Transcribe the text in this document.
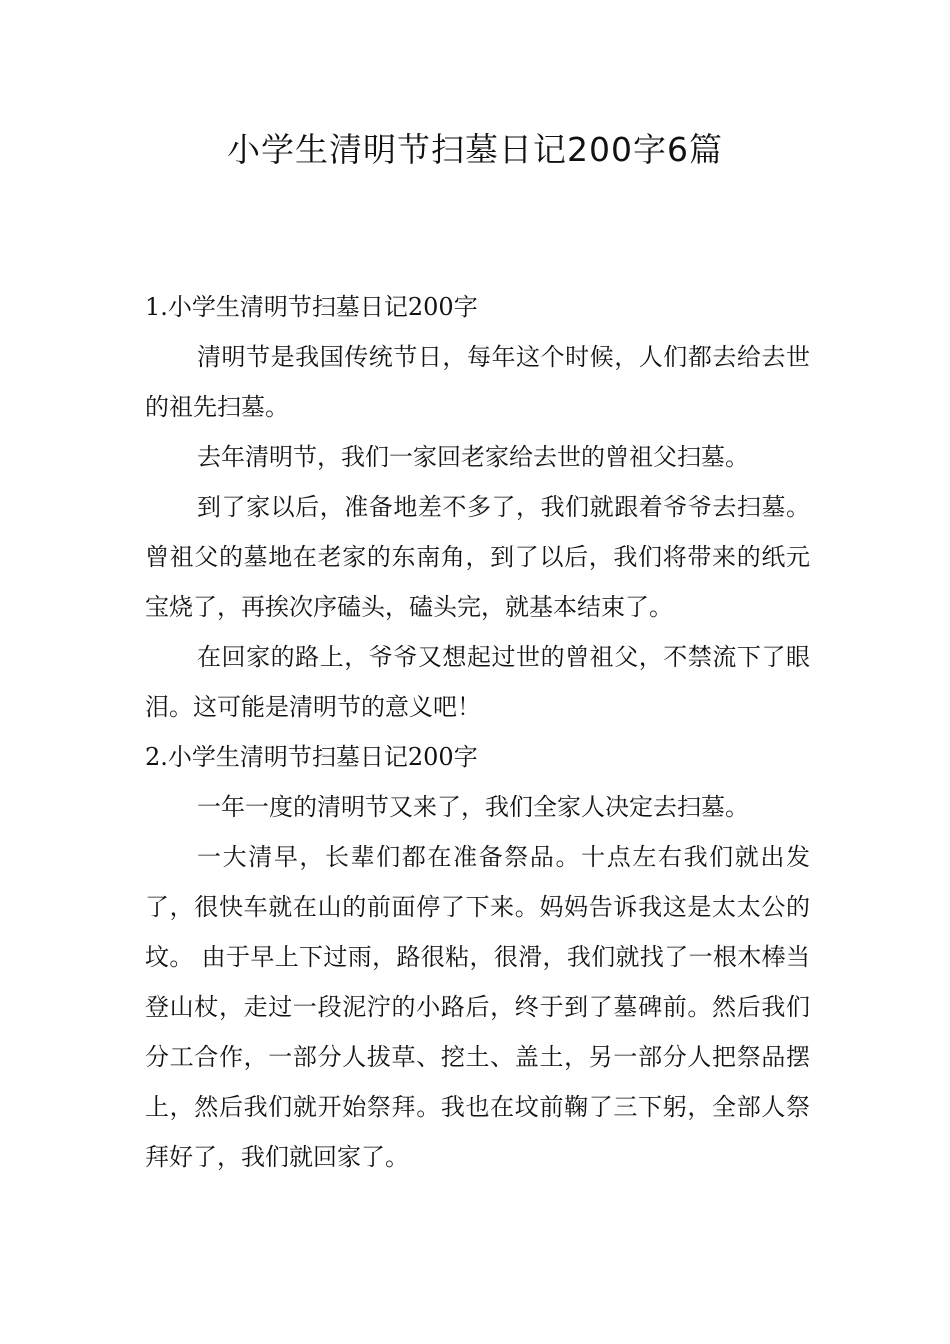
小学生清明节扫墓日记200字6篇
1.小学生清明节扫墓日记200字

清明节是我国传统节日，每年这个时候，人们都去给去世的祖先扫墓。

去年清明节，我们一家回老家给去世的曾祖父扫墓。

到了家以后，准备地差不多了，我们就跟着爷爷去扫墓。曾祖父的墓地在老家的东南角，到了以后，我们将带来的纸元 宝烧了，再挨次序磕头，磕头完，就基本结束了。

在回家的路上，爷爷又想起过世的曾祖父，不禁流下了眼泪。这可能是清明节的意义吧！

2.小学生清明节扫墓日记200字

一年一度的清明节又来了，我们全家人决定去扫墓。

一大清早，长辈们都在准备祭品。十点左右我们就出发了，很快车就在山的前面停了下来。妈妈告诉我这是太太公的坟。 由于早上下过雨，路很粘，很滑，我们就找了一根木棒当登山杖，走过一段泥泞的小路后，终于到了墓碑前。然后我们分工合作，一部分人拔草、挖土、盖土，另一部分人把祭品摆上，然后我们就开始祭拜。我也在坟前鞠了三下躬，全部人祭拜好了，我们就回家了。
